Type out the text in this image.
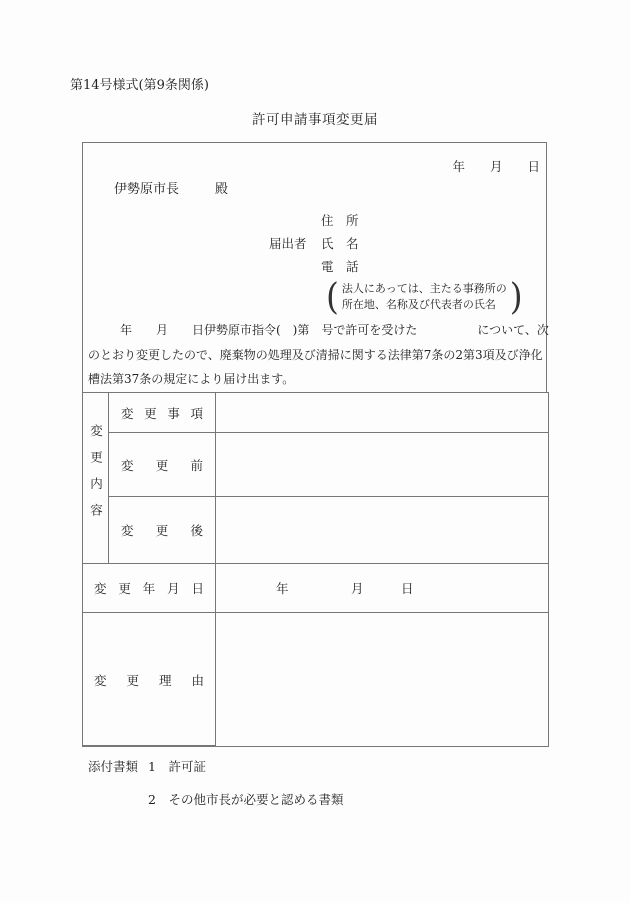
第14号様式(第9条関係)
許可申請事項変更届
年　　月　　日
伊勢原市長	殿
届出者
住　所
氏　名
電　話
( 法人にあっては、主たる事務所の
所在地、名称及び代表者の氏名 )
年　　月　　日伊勢原市指令(　)第　号で許可を受けた　　　　　について、次
のとおり変更したので、廃棄物の処理及び清掃に関する法律第7条の2第3項及び浄化
槽法第37条の規定により届け出ます。
変更内容	変更事項	
	変更前	
	変更後	
変更年月日		年　　　　　月　　　日
変更理由		
添付書類 1　許可証
2　その他市長が必要と認める書類
